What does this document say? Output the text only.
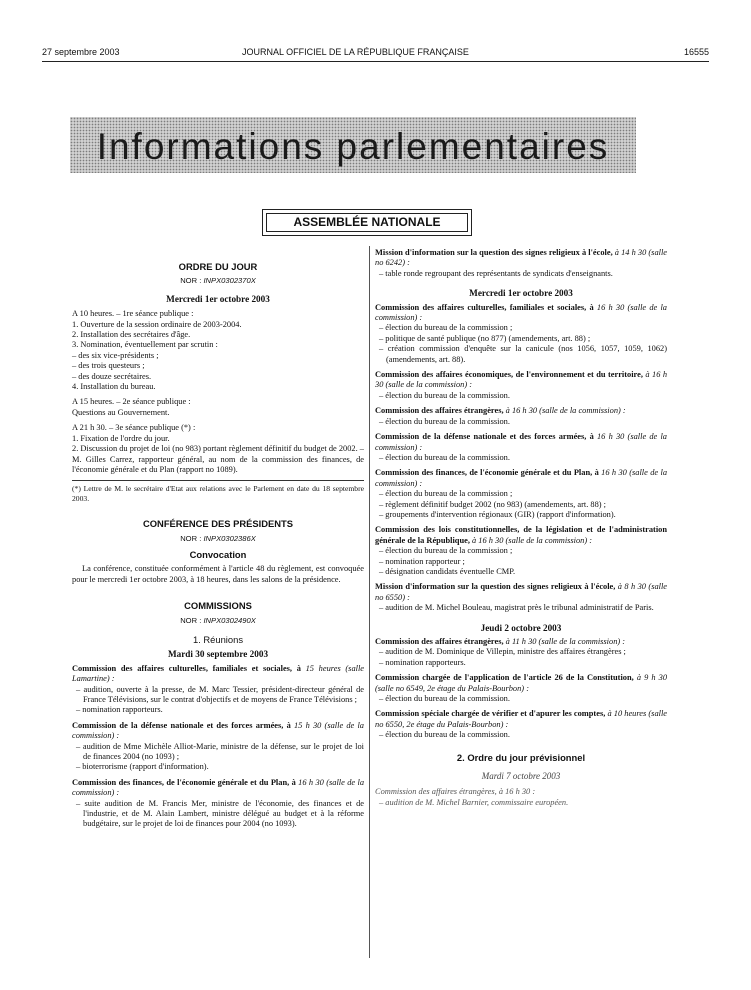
27 septembre 2003	JOURNAL OFFICIEL DE LA RÉPUBLIQUE FRANÇAISE	16555
Informations parlementaires
ASSEMBLÉE NATIONALE

ORDRE DU JOUR

NOR : INPX0302370X

Mercredi 1er octobre 2003

A 10 heures. – 1re séance publique :

1. Ouverture de la session ordinaire de 2003-2004.

2. Installation des secrétaires d'âge.

3. Nomination, éventuellement par scrutin :

– des six vice-présidents ;

– des trois questeurs ;

– des douze secrétaires.

4. Installation du bureau.

A 15 heures. – 2e séance publique :

Questions au Gouvernement.

A 21 h 30. – 3e séance publique (*) :

1. Fixation de l'ordre du jour.

2. Discussion du projet de loi (no 983) portant règlement définitif du budget de 2002. – M. Gilles Carrez, rapporteur général, au nom de la commission des finances, de l'économie générale et du Plan (rapport no 1089).

(*) Lettre de M. le secrétaire d'Etat aux relations avec le Parlement en date du 18 septembre 2003.

CONFÉRENCE DES PRÉSIDENTS

NOR : INPX0302386X

Convocation

La conférence, constituée conformément à l'article 48 du règlement, est convoquée pour le mercredi 1er octobre 2003, à 18 heures, dans les salons de la présidence.

COMMISSIONS

NOR : INPX0302490X

1. Réunions

Mardi 30 septembre 2003

Commission des affaires culturelles, familiales et sociales, à 15 heures (salle Lamartine) :

– audition, ouverte à la presse, de M. Marc Tessier, président-directeur général de France Télévisions, sur le contrat d'objectifs et de moyens de France Télévisions ;

– nomination rapporteurs.

Commission de la défense nationale et des forces armées, à 15 h 30 (salle de la commission) :

– audition de Mme Michèle Alliot-Marie, ministre de la défense, sur le projet de loi de finances 2004 (no 1093) ;

– bioterrorisme (rapport d'information).

Commission des finances, de l'économie générale et du Plan, à 16 h 30 (salle de la commission) :

– suite audition de M. Francis Mer, ministre de l'économie, des finances et de l'industrie, et de M. Alain Lambert, ministre délégué au budget et à la réforme budgétaire, sur le projet de loi de finances pour 2004 (no 1093).

Mission d'information sur la question des signes religieux à l'école, à 14 h 30 (salle no 6242) :

– table ronde regroupant des représentants de syndicats d'enseignants.

Mercredi 1er octobre 2003

Commission des affaires culturelles, familiales et sociales, à 16 h 30 (salle de la commission) :

– élection du bureau de la commission ;

– politique de santé publique (no 877) (amendements, art. 88) ;

– création commission d'enquête sur la canicule (nos 1056, 1057, 1059, 1062) (amendements, art. 88).

Commission des affaires économiques, de l'environnement et du territoire, à 16 h 30 (salle de la commission) :

– élection du bureau de la commission.

Commission des affaires étrangères, à 16 h 30 (salle de la commission) :

– élection du bureau de la commission.

Commission de la défense nationale et des forces armées, à 16 h 30 (salle de la commission) :

– élection du bureau de la commission.

Commission des finances, de l'économie générale et du Plan, à 16 h 30 (salle de la commission) :

– élection du bureau de la commission ;

– règlement définitif budget 2002 (no 983) (amendements, art. 88) ;

– groupements d'intervention régionaux (GIR) (rapport d'information).

Commission des lois constitutionnelles, de la législation et de l'administration générale de la République, à 16 h 30 (salle de la commission) :

– élection du bureau de la commission ;

– nomination rapporteur ;

– désignation candidats éventuelle CMP.

Mission d'information sur la question des signes religieux à l'école, à 8 h 30 (salle no 6550) :

– audition de M. Michel Bouleau, magistrat près le tribunal administratif de Paris.

Jeudi 2 octobre 2003

Commission des affaires étrangères, à 11 h 30 (salle de la commission) :

– audition de M. Dominique de Villepin, ministre des affaires étrangères ;

– nomination rapporteurs.

Commission chargée de l'application de l'article 26 de la Constitution, à 9 h 30 (salle no 6549, 2e étage du Palais-Bourbon) :

– élection du bureau de la commission.

Commission spéciale chargée de vérifier et d'apurer les comptes, à 10 heures (salle no 6550, 2e étage du Palais-Bourbon) :

– élection du bureau de la commission.

2. Ordre du jour prévisionnel

Mardi 7 octobre 2003

Commission des affaires étrangères, à 16 h 30 :

– audition de M. Michel Barnier, commissaire européen.
